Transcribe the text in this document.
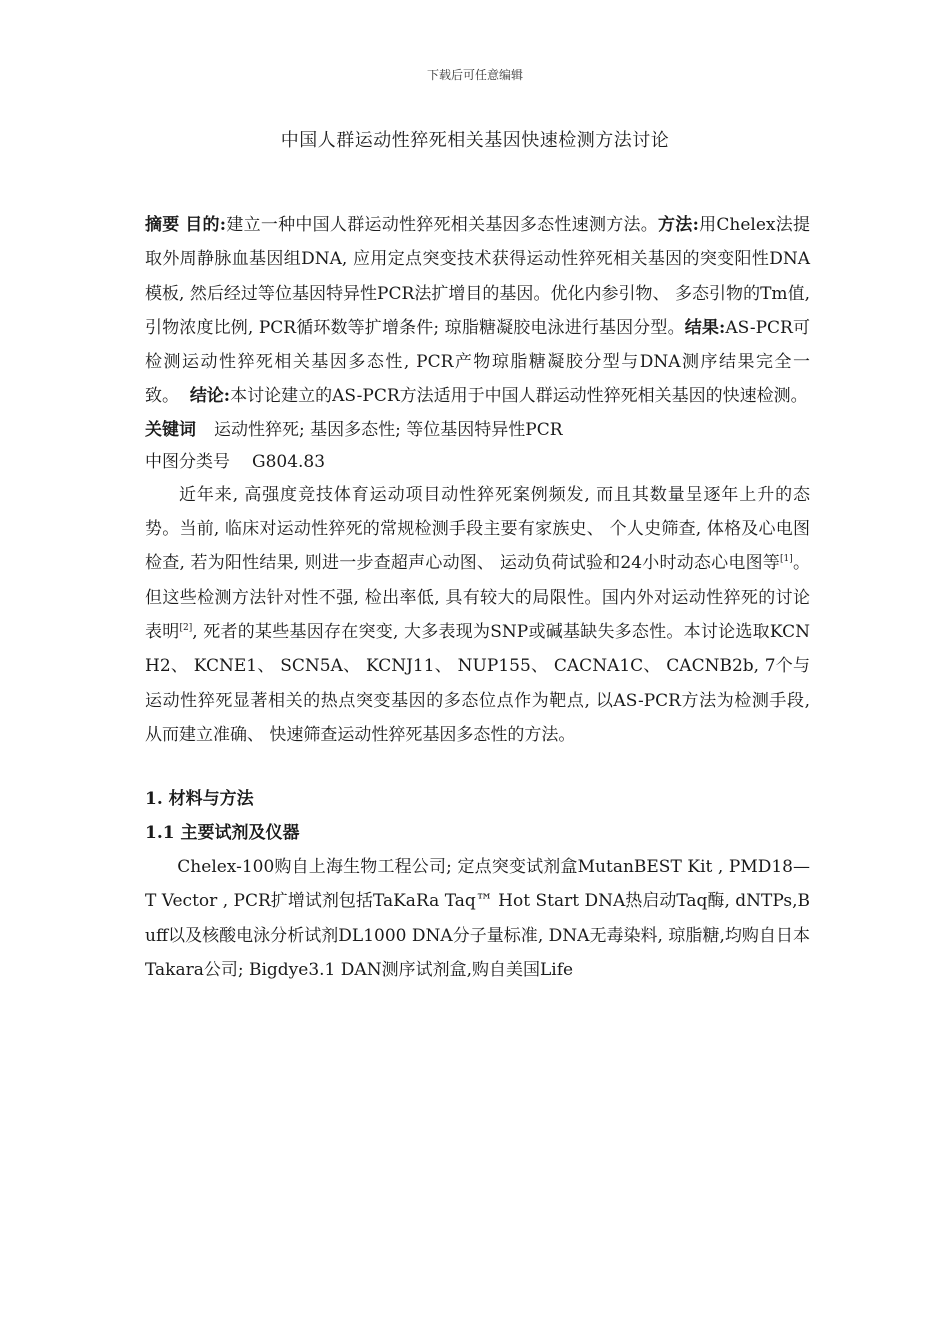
下载后可任意编辑
中国人群运动性猝死相关基因快速检测方法讨论

摘要 目的:建立一种中国人群运动性猝死相关基因多态性速测方法。方法:用Chelex法提取外周静脉血基因组DNA, 应用定点突变技术获得运动性猝死相关基因的突变阳性DNA模板, 然后经过等位基因特异性PCR法扩增目的基因。优化内参引物、 多态引物的Tm值, 引物浓度比例, PCR循环数等扩增条件; 琼脂糖凝胶电泳进行基因分型。结果:AS-PCR可检测运动性猝死相关基因多态性, PCR产物琼脂糖凝胶分型与DNA测序结果完全一致。 结论:本讨论建立的AS-PCR方法适用于中国人群运动性猝死相关基因的快速检测。

关键词 运动性猝死; 基因多态性; 等位基因特异性PCR

中图分类号 G804.83

近年来, 高强度竞技体育运动项目动性猝死案例频发, 而且其数量呈逐年上升的态势。当前, 临床对运动性猝死的常规检测手段主要有家族史、 个人史筛查, 体格及心电图检查, 若为阳性结果, 则进一步查超声心动图、 运动负荷试验和24小时动态心电图等[1]。但这些检测方法针对性不强, 检出率低, 具有较大的局限性。国内外对运动性猝死的讨论表明[2], 死者的某些基因存在突变, 大多表现为SNP或碱基缺失多态性。本讨论选取KCNH2、 KCNE1、 SCN5A、 KCNJ11、 NUP155、 CACNA1C、 CACNB2b, 7个与运动性猝死显著相关的热点突变基因的多态位点作为靶点, 以AS-PCR方法为检测手段, 从而建立准确、 快速筛查运动性猝死基因多态性的方法。

1. 材料与方法

1.1 主要试剂及仪器

Chelex-100购自上海生物工程公司; 定点突变试剂盒MutanBEST Kit , PMD18—T Vector , PCR扩增试剂包括TaKaRa Taq™ Hot Start DNA热启动Taq酶, dNTPs,Buff以及核酸电泳分析试剂DL1000 DNA分子量标准, DNA无毒染料, 琼脂糖,均购自日本Takara公司; Bigdye3.1 DAN测序试剂盒,购自美国Life
